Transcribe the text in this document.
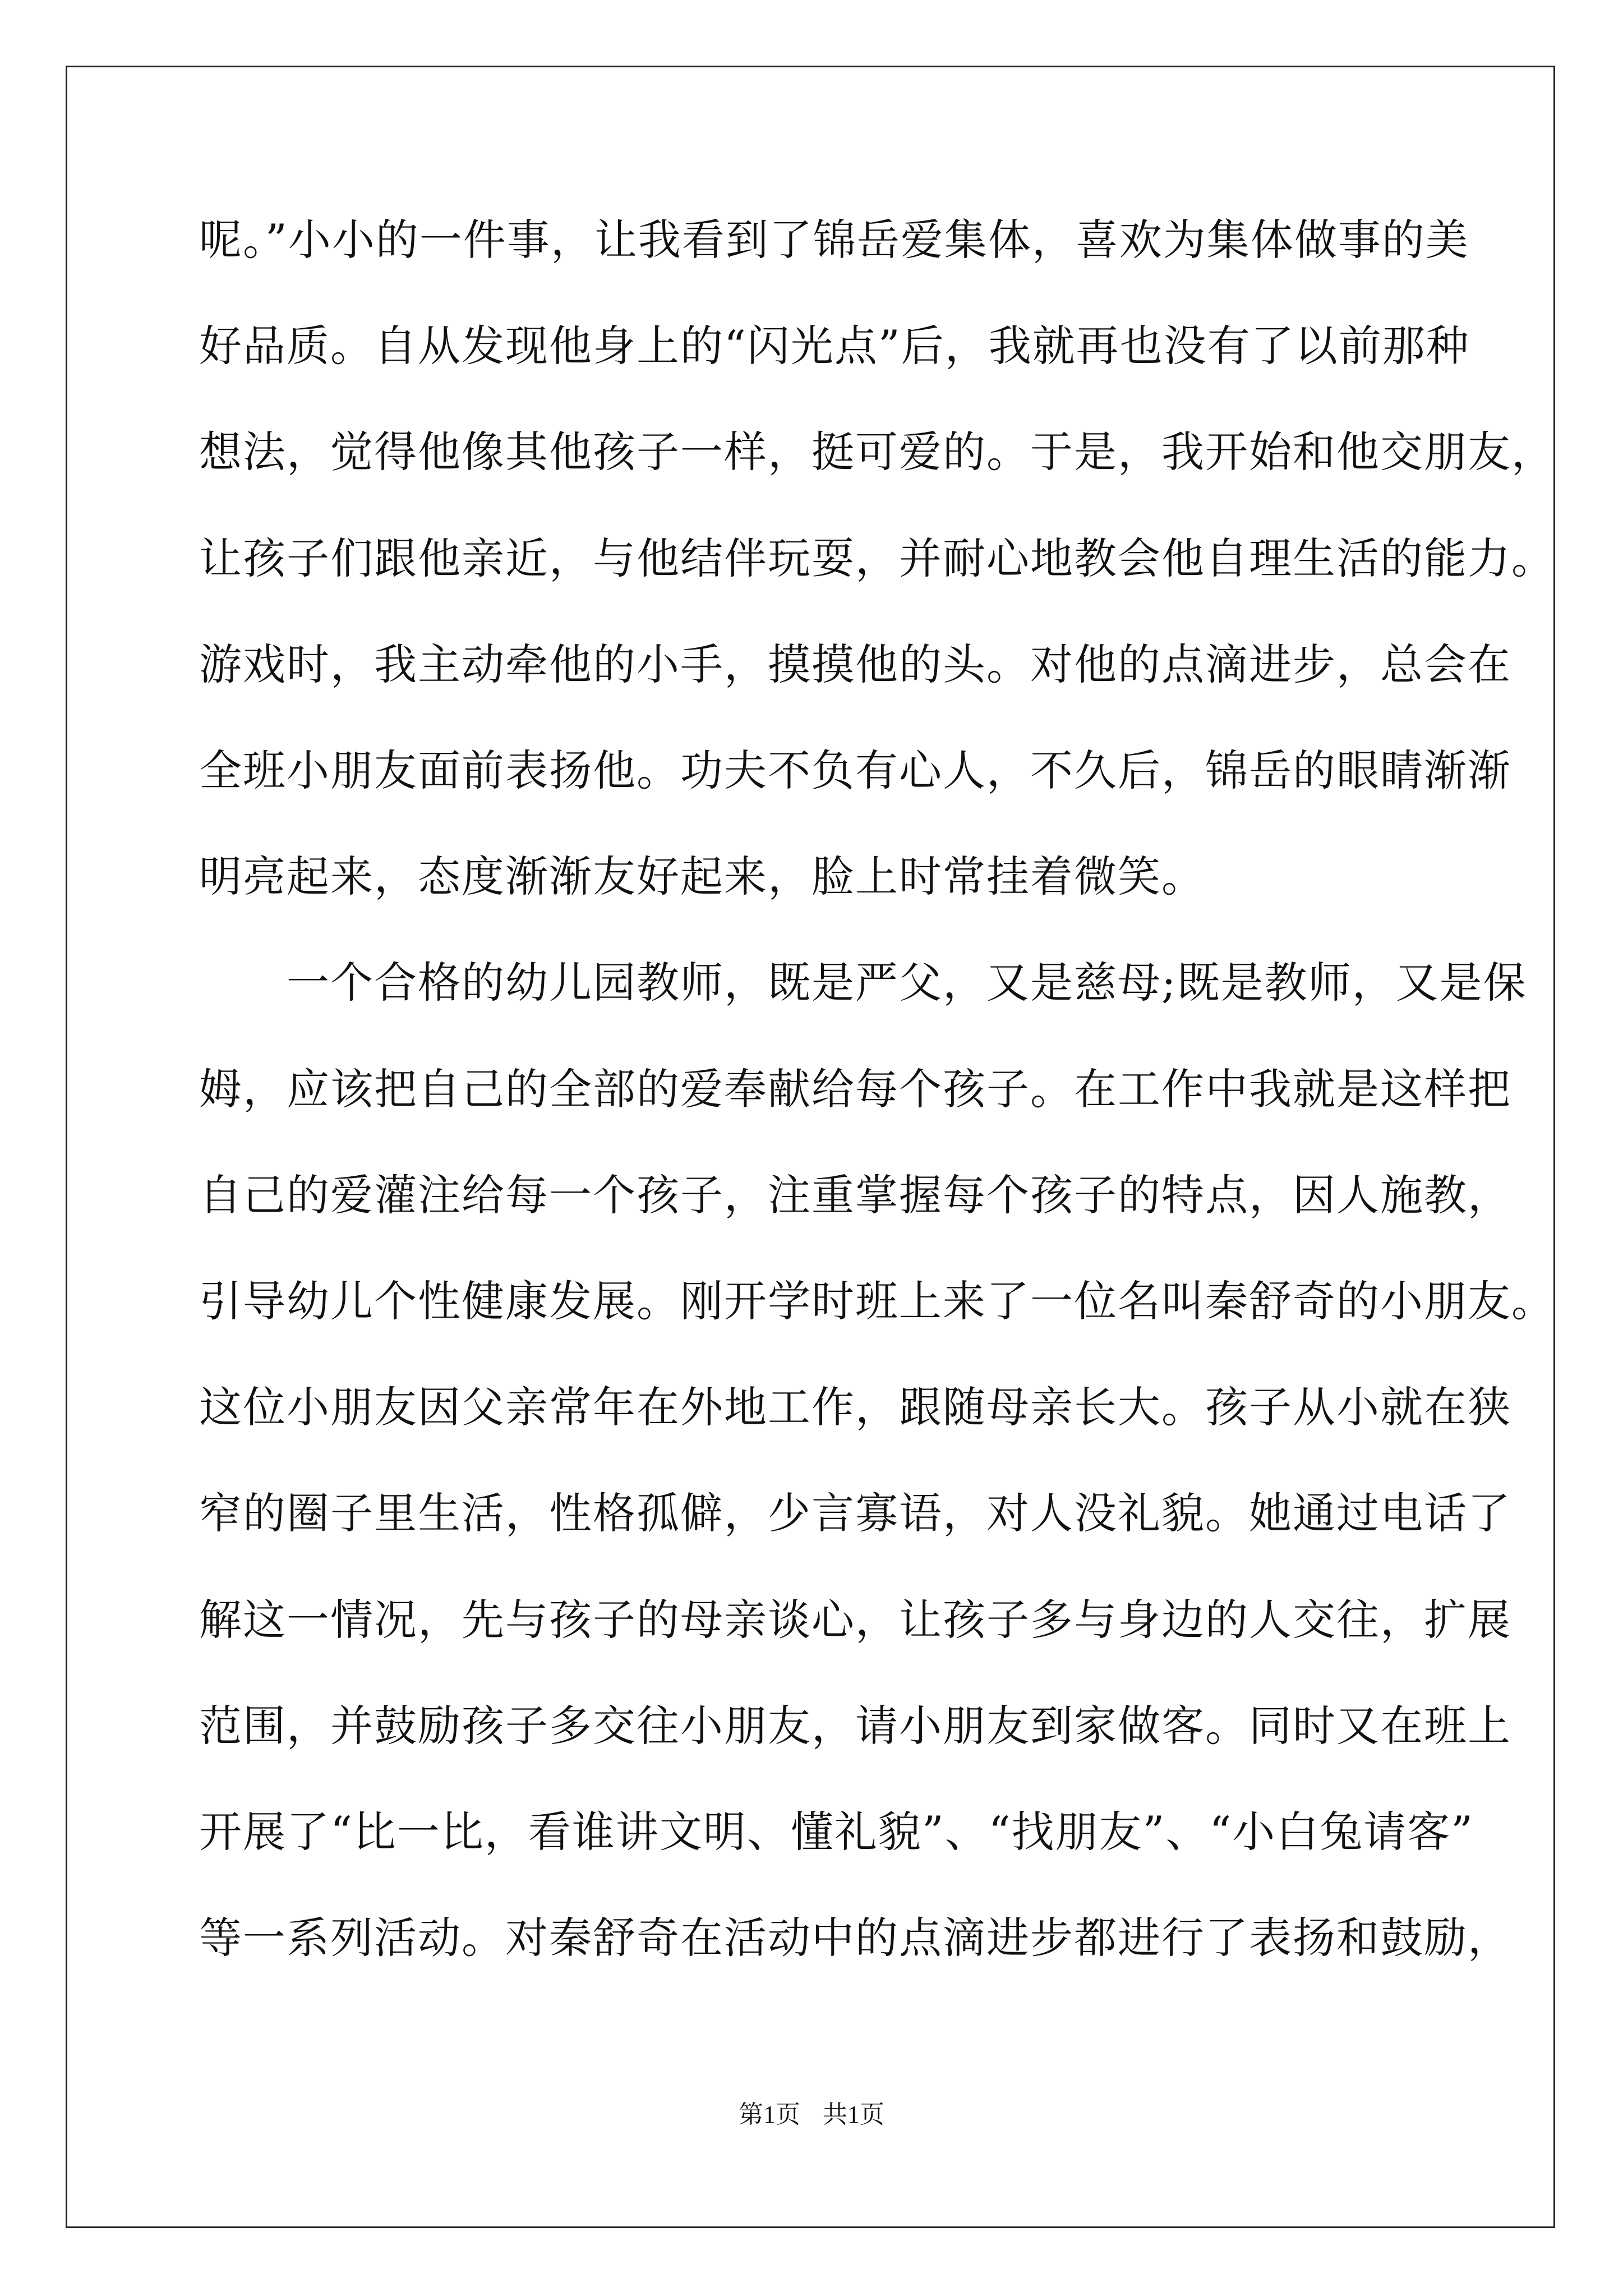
呢。”小小的一件事，让我看到了锦岳爱集体，喜欢为集体做事的美
好品质。自从发现他身上的“闪光点”后，我就再也没有了以前那种
想法，觉得他像其他孩子一样，挺可爱的。于是，我开始和他交朋友，
让孩子们跟他亲近，与他结伴玩耍，并耐心地教会他自理生活的能力。
游戏时，我主动牵他的小手，摸摸他的头。对他的点滴进步，总会在
全班小朋友面前表扬他。功夫不负有心人，不久后，锦岳的眼睛渐渐
明亮起来，态度渐渐友好起来，脸上时常挂着微笑。
　　一个合格的幼儿园教师，既是严父，又是慈母;既是教师，又是保
姆，应该把自己的全部的爱奉献给每个孩子。在工作中我就是这样把
自己的爱灌注给每一个孩子，注重掌握每个孩子的特点，因人施教，
引导幼儿个性健康发展。刚开学时班上来了一位名叫秦舒奇的小朋友。
这位小朋友因父亲常年在外地工作，跟随母亲长大。孩子从小就在狭
窄的圈子里生活，性格孤僻，少言寡语，对人没礼貌。她通过电话了
解这一情况，先与孩子的母亲谈心，让孩子多与身边的人交往，扩展
范围，并鼓励孩子多交往小朋友，请小朋友到家做客。同时又在班上
开展了“比一比，看谁讲文明、懂礼貌”、“找朋友”、“小白兔请客”
等一系列活动。对秦舒奇在活动中的点滴进步都进行了表扬和鼓励，
第1页 共1页
